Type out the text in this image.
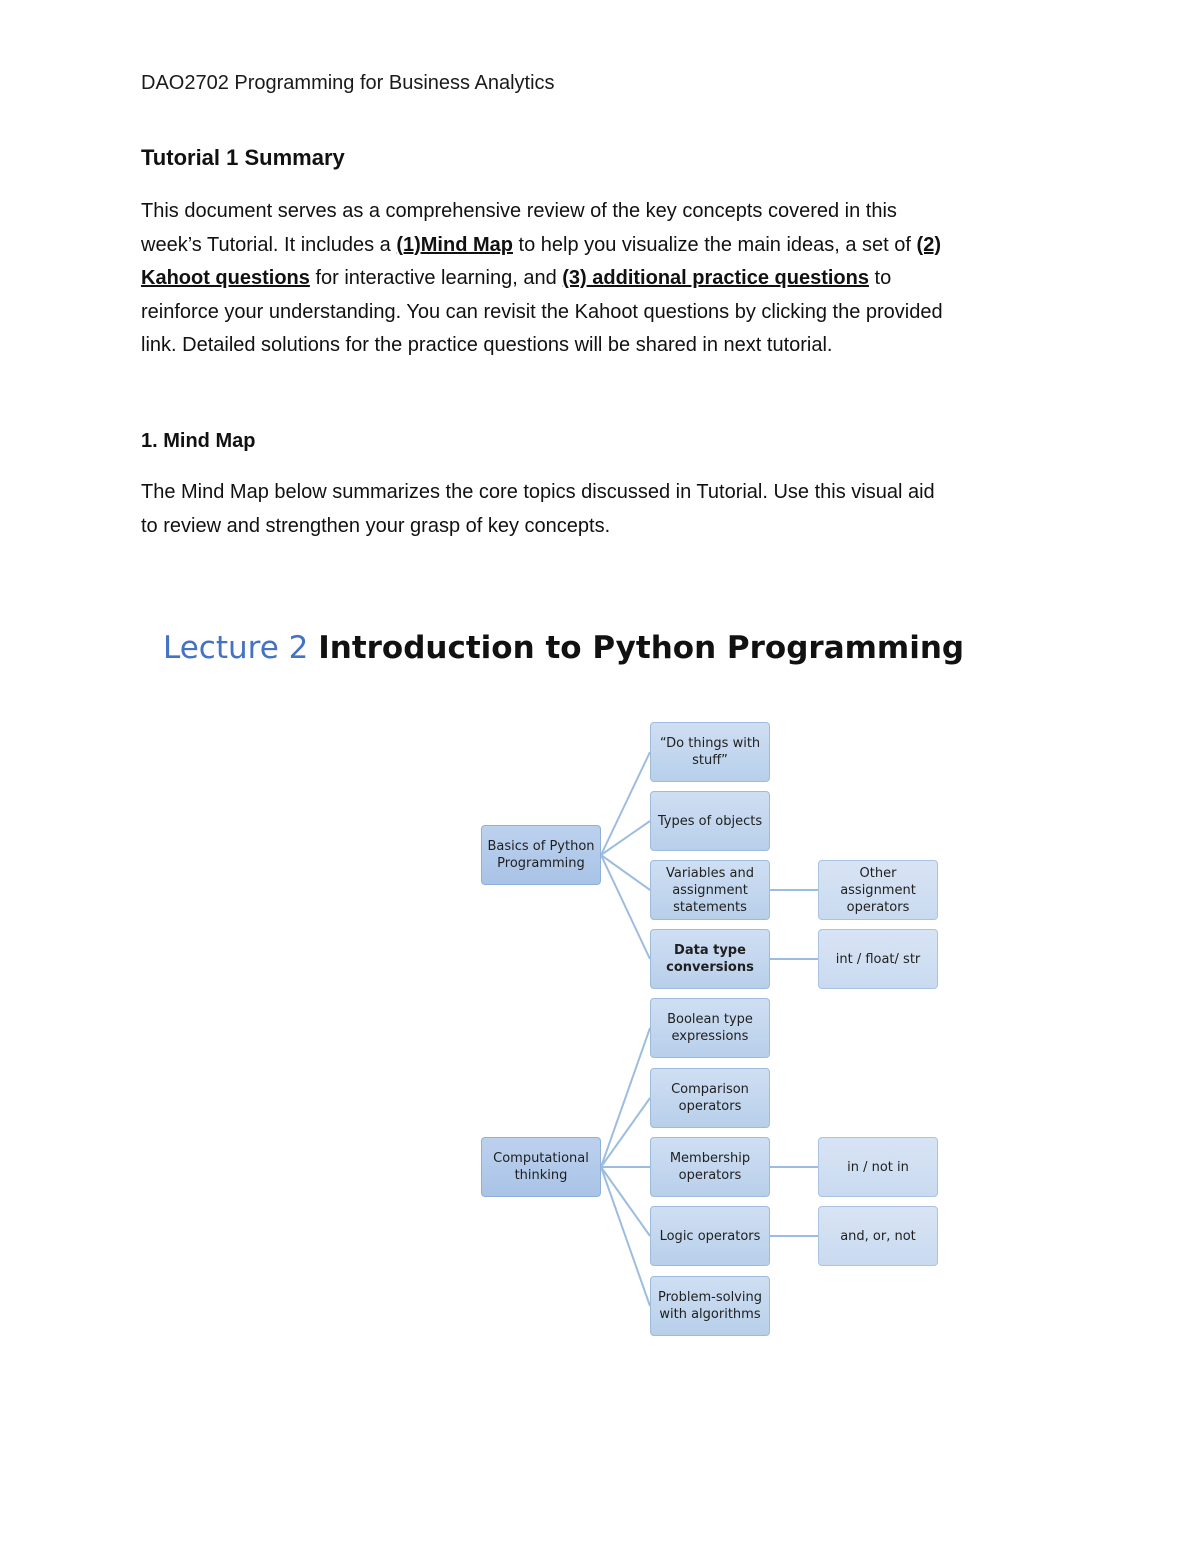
DAO2702 Programming for Business Analytics
Tutorial 1 Summary
This document serves as a comprehensive review of the key concepts covered in this
week’s Tutorial. It includes a (1)Mind Map to help you visualize the main ideas, a set of (2)
Kahoot questions for interactive learning, and (3) additional practice questions to
reinforce your understanding. You can revisit the Kahoot questions by clicking the provided
link. Detailed solutions for the practice questions will be shared in next tutorial.
1. Mind Map
The Mind Map below summarizes the core topics discussed in Tutorial. Use this visual aid
to review and strengthen your grasp of key concepts.
Lecture 2 Introduction to Python Programming
Basics of Python
Programming
“Do things with
stuff”
Types of objects
Variables and
assignment
statements
Other assignment
operators
Data type
conversions
int / float/ str
Computational
thinking
Boolean type
expressions
Comparison
operators
Membership
operators
in / not in
Logic operators	and, or, not
Problem-solving
with algorithms
